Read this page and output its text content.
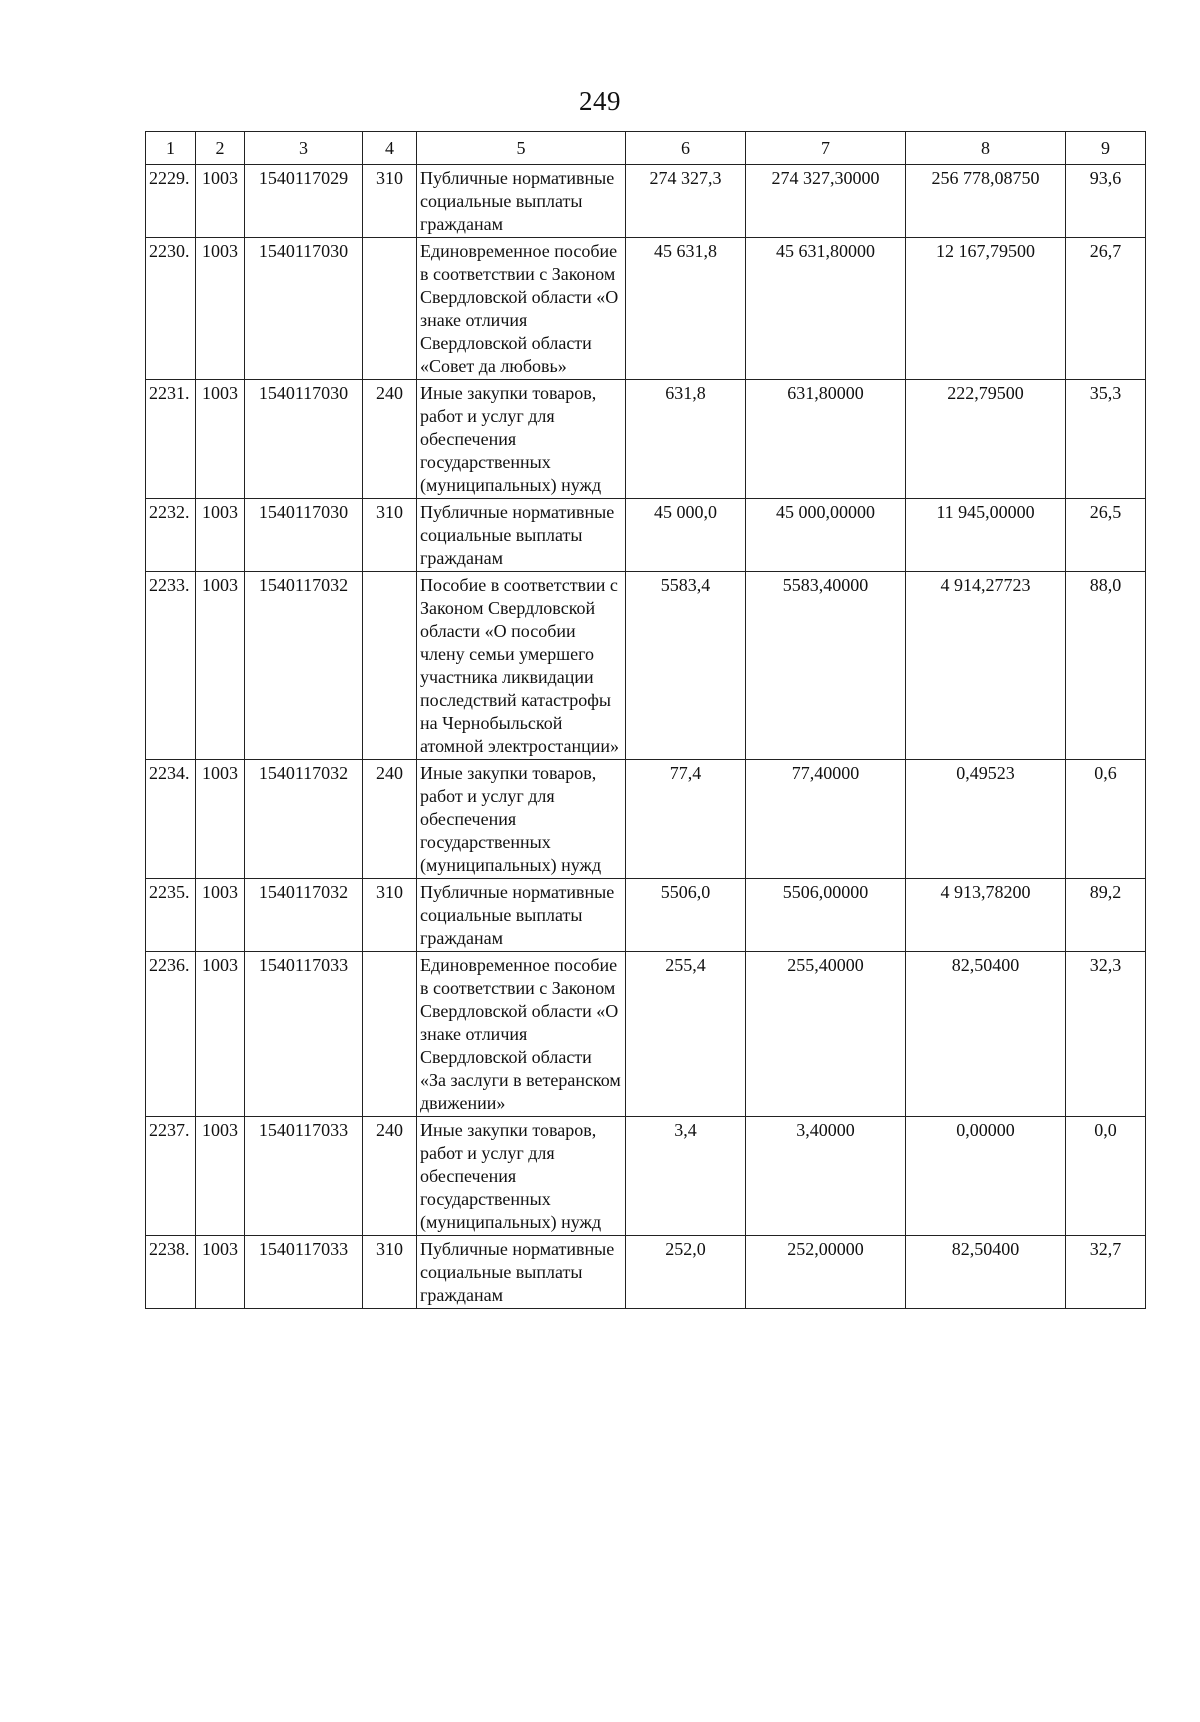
249
1	2	3	4	5	6	7	8	9
2229.	1003	1540117029	310	Публичные нормативные социальные выплаты гражданам	274 327,3	274 327,30000	256 778,08750	93,6
2230.	1003	1540117030		Единовременное пособие в соответствии с Законом Свердловской области «О знаке отличия Свердловской области «Совет да любовь»	45 631,8	45 631,80000	12 167,79500	26,7
2231.	1003	1540117030	240	Иные закупки товаров, работ и услуг для обеспечения государственных (муниципальных) нужд	631,8	631,80000	222,79500	35,3
2232.	1003	1540117030	310	Публичные нормативные социальные выплаты гражданам	45 000,0	45 000,00000	11 945,00000	26,5
2233.	1003	1540117032		Пособие в соответствии с Законом Свердловской области «О пособии члену семьи умершего участника ликвидации последствий катастрофы на Чернобыльской атомной электростанции»	5583,4	5583,40000	4 914,27723	88,0
2234.	1003	1540117032	240	Иные закупки товаров, работ и услуг для обеспечения государственных (муниципальных) нужд	77,4	77,40000	0,49523	0,6
2235.	1003	1540117032	310	Публичные нормативные социальные выплаты гражданам	5506,0	5506,00000	4 913,78200	89,2
2236.	1003	1540117033		Единовременное пособие в соответствии с Законом Свердловской области «О знаке отличия Свердловской области «За заслуги в ветеранском движении»	255,4	255,40000	82,50400	32,3
2237.	1003	1540117033	240	Иные закупки товаров, работ и услуг для обеспечения государственных (муниципальных) нужд	3,4	3,40000	0,00000	0,0
2238.	1003	1540117033	310	Публичные нормативные социальные выплаты гражданам	252,0	252,00000	82,50400	32,7
